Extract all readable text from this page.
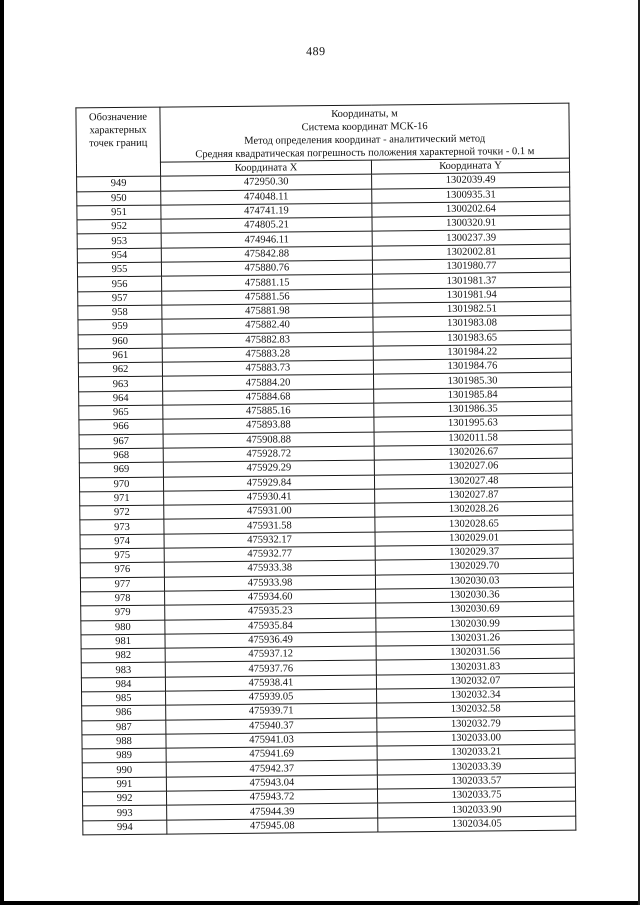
489
Обозначение
характерных
точек границ	Координаты, м
Система координат МСК-16
Метод определения координат - аналитический метод
Средняя квадратическая погрешность положения характерной точки - 0.1 м	

	Координата X	Координата Y
949	472950.30	1302039.49
950	474048.11	1300935.31
951	474741.19	1300202.64
952	474805.21	1300320.91
953	474946.11	1300237.39
954	475842.88	1302002.81
955	475880.76	1301980.77
956	475881.15	1301981.37
957	475881.56	1301981.94
958	475881.98	1301982.51
959	475882.40	1301983.08
960	475882.83	1301983.65
961	475883.28	1301984.22
962	475883.73	1301984.76
963	475884.20	1301985.30
964	475884.68	1301985.84
965	475885.16	1301986.35
966	475893.88	1301995.63
967	475908.88	1302011.58
968	475928.72	1302026.67
969	475929.29	1302027.06
970	475929.84	1302027.48
971	475930.41	1302027.87
972	475931.00	1302028.26
973	475931.58	1302028.65
974	475932.17	1302029.01
975	475932.77	1302029.37
976	475933.38	1302029.70
977	475933.98	1302030.03
978	475934.60	1302030.36
979	475935.23	1302030.69
980	475935.84	1302030.99
981	475936.49	1302031.26
982	475937.12	1302031.56
983	475937.76	1302031.83
984	475938.41	1302032.07
985	475939.05	1302032.34
986	475939.71	1302032.58
987	475940.37	1302032.79
988	475941.03	1302033.00
989	475941.69	1302033.21
990	475942.37	1302033.39
991	475943.04	1302033.57
992	475943.72	1302033.75
993	475944.39	1302033.90
994	475945.08	1302034.05
